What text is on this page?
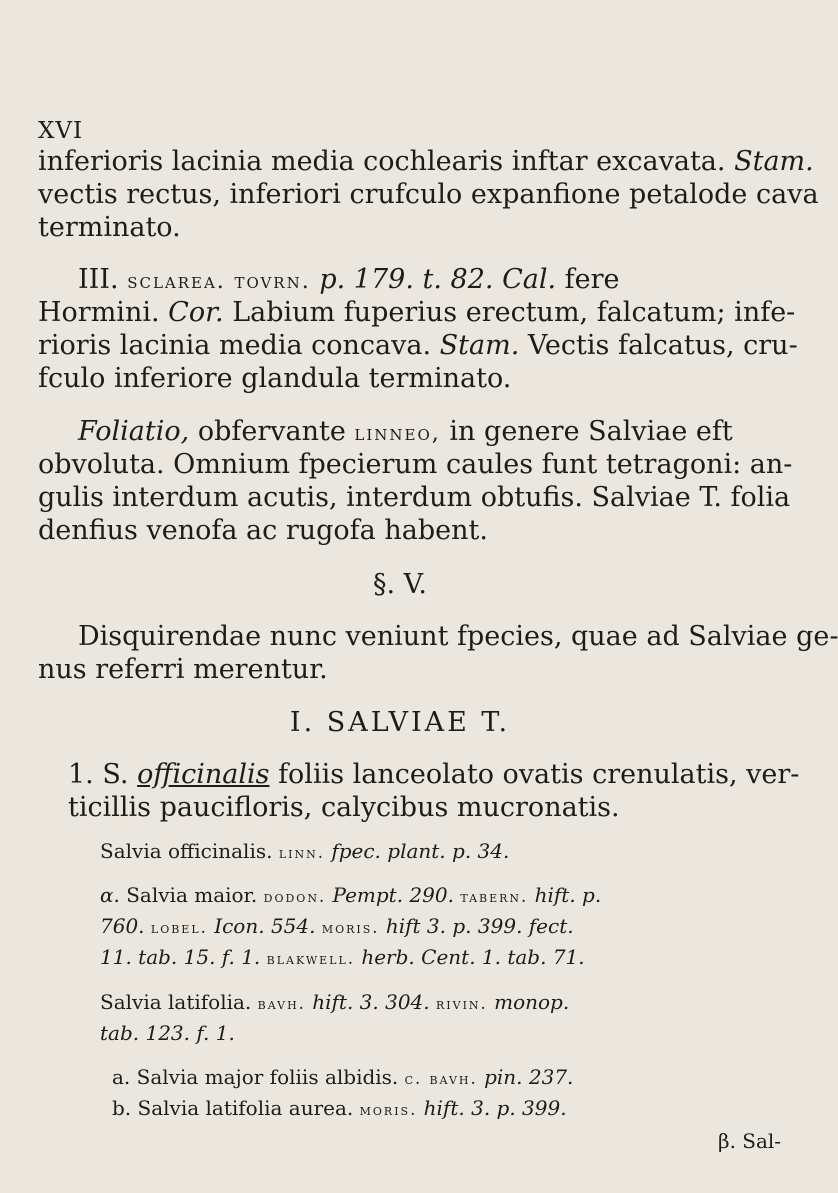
XVI
inferioris lacinia media cochlearis inftar excavata. Stam.
vectis rectus, inferiori crufculo expanfione petalode cava
terminato.
III. sclarea. tovrn. p. 179. t. 82. Cal. fere
Hormini. Cor. Labium fuperius erectum, falcatum; infe-
rioris lacinia media concava. Stam. Vectis falcatus, cru-
fculo inferiore glandula terminato.
Foliatio, obfervante linneo, in genere Salviae eft
obvoluta. Omnium fpecierum caules funt tetragoni: an-
gulis interdum acutis, interdum obtufis. Salviae T. folia
denfius venofa ac rugofa habent.
§. V.
Disquirendae nunc veniunt fpecies, quae ad Salviae ge-
nus referri merentur.
I. SALVIAE T.
1. S. officinalis foliis lanceolato ovatis crenulatis, ver-
ticillis paucifloris, calycibus mucronatis.
Salvia officinalis. linn. fpec. plant. p. 34.
α. Salvia maior. dodon. Pempt. 290. tabern. hift. p.
760. lobel. Icon. 554. moris. hift 3. p. 399. fect.
11. tab. 15. f. 1. blakwell. herb. Cent. 1. tab. 71.
Salvia latifolia. bavh. hift. 3. 304. rivin. monop.
tab. 123. f. 1.
a. Salvia major foliis albidis. c. bavh. pin. 237.
b. Salvia latifolia aurea. moris. hift. 3. p. 399.
β. Sal-
